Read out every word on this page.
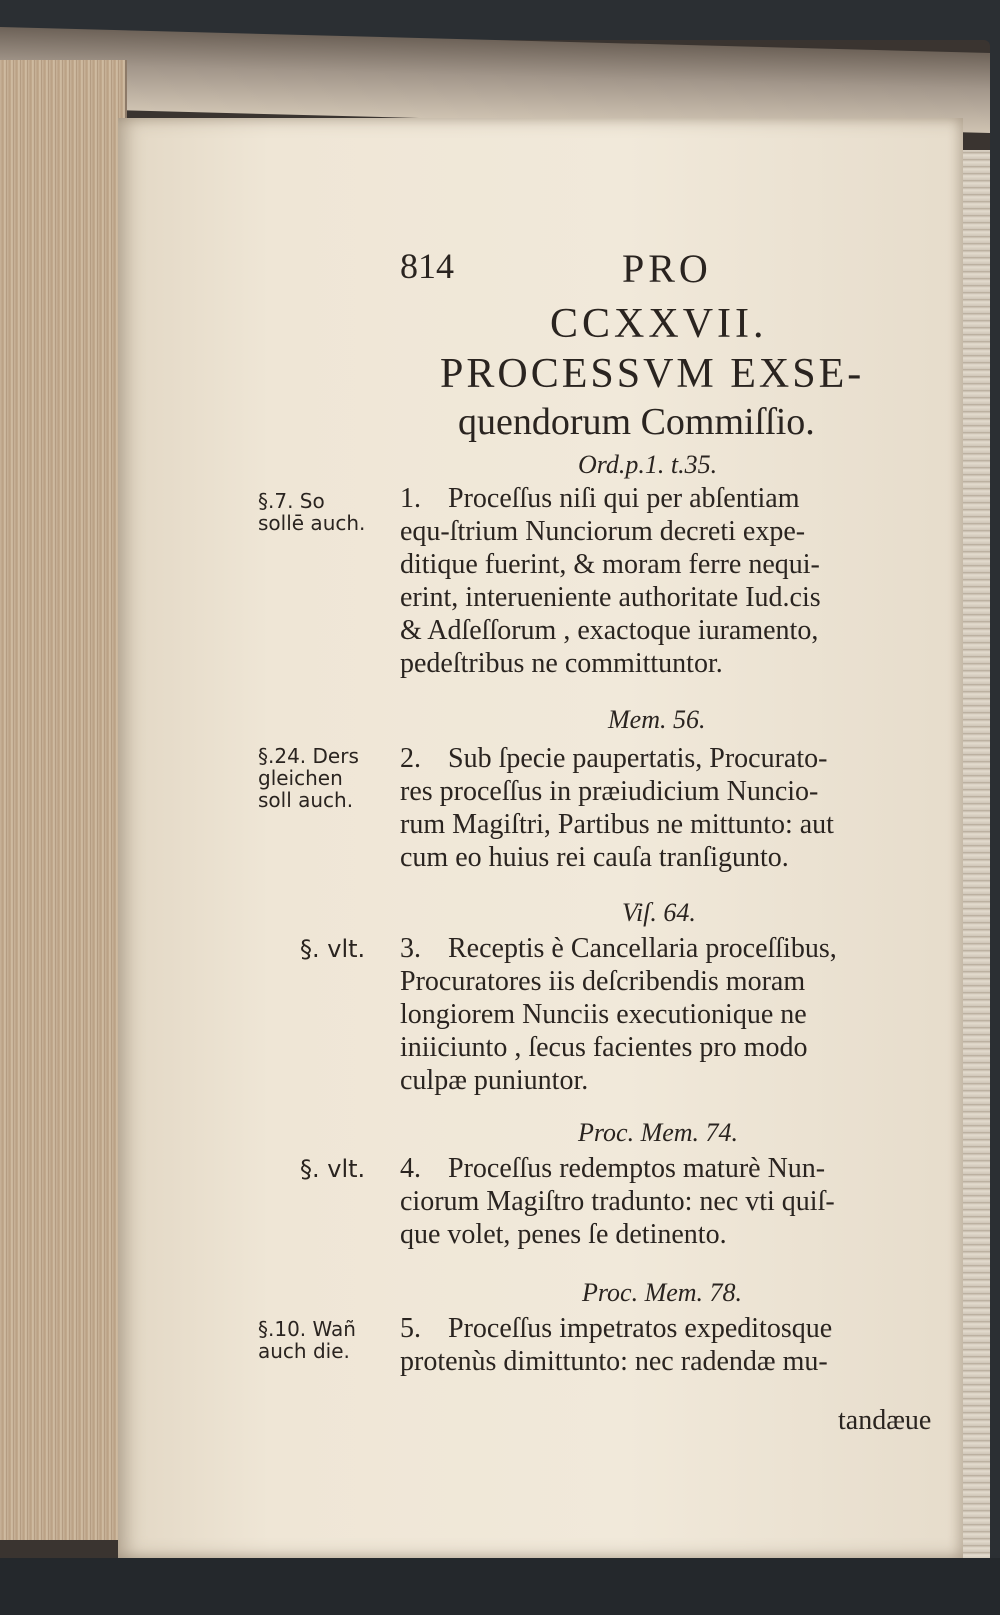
814	PRO
CCXXVII.
PROCESSVM EXSE-
quendorum Commiſſio.
Ord.p.1. t.35.
§.7. So
sollē auch.
1. Proceſſus niſi qui per abſentiam
equ-ſtrium Nunciorum decreti expe-
ditique fuerint, & moram ferre nequi-
erint, interueniente authoritate Iud.cis
& Adſeſſorum , exactoque iuramento,
pedeſtribus ne committuntor.
Mem. 56.
§.24. Ders
gleichen
soll auch.
2. Sub ſpecie paupertatis, Procurato-
res proceſſus in præiudicium Nuncio-
rum Magiſtri, Partibus ne mittunto: aut
cum eo huius rei cauſa tranſigunto.
Viſ. 64.
§. vlt. 3. Receptis è Cancellaria proceſſibus,
Procuratores iis deſcribendis moram
longiorem Nunciis executionique ne
iniiciunto , ſecus facientes pro modo
culpæ puniuntor.
Proc. Mem. 74.
§. vlt. 4. Proceſſus redemptos maturè Nun-
ciorum Magiſtro tradunto: nec vti quiſ-
que volet, penes ſe detinento.
Proc. Mem. 78.
§.10. Wañ
auch die.
5. Proceſſus impetratos expeditosque
protenùs dimittunto: nec radendæ mu-
tandæue
